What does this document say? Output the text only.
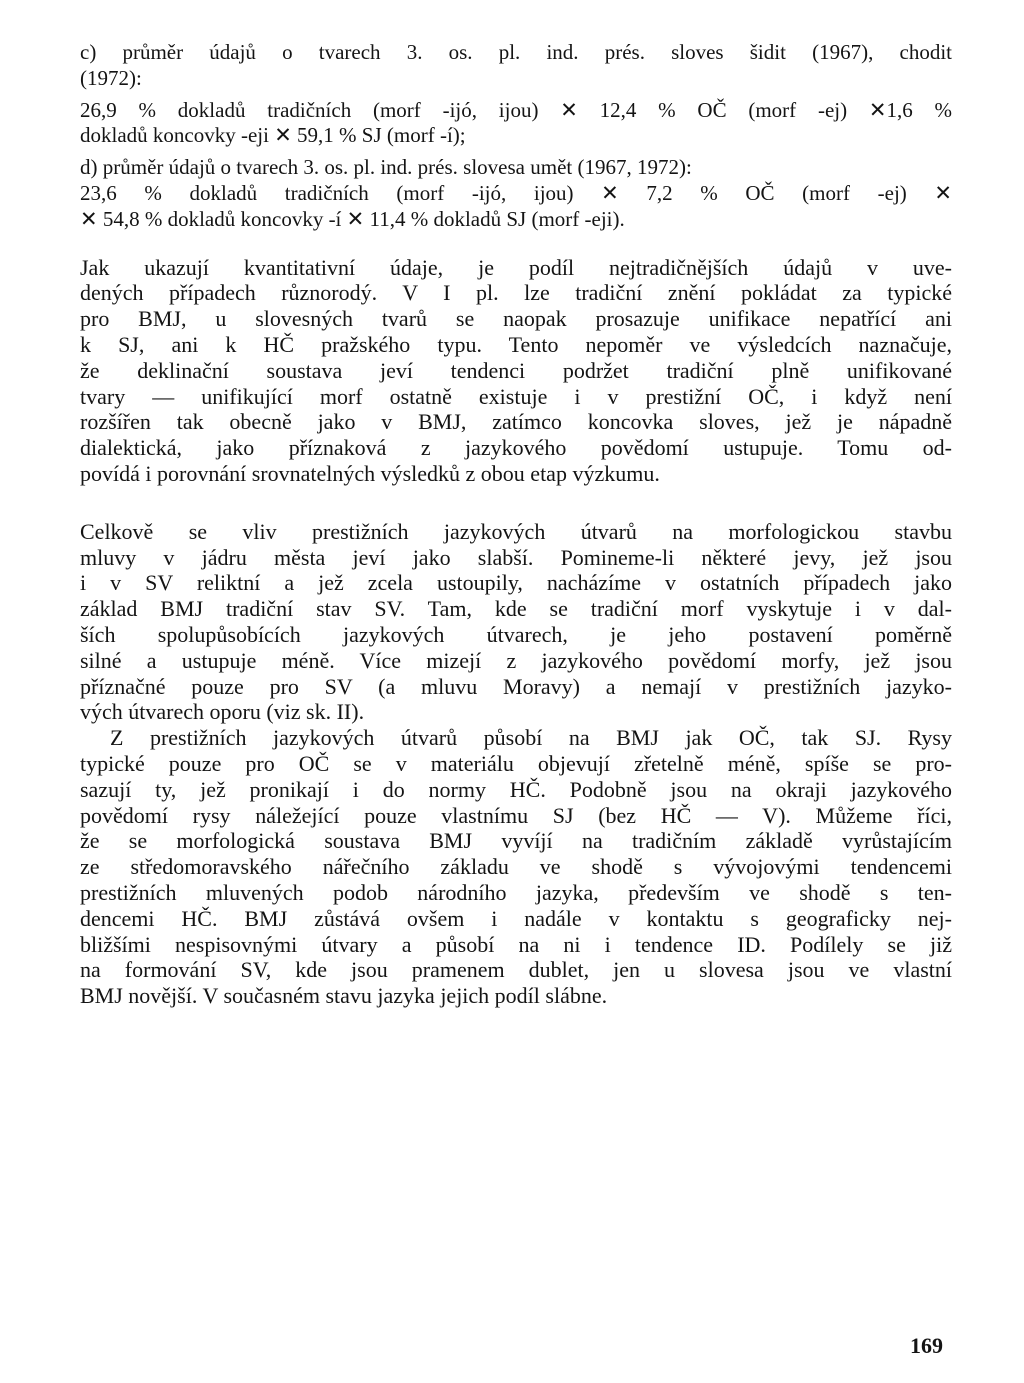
c) průměr údajů o tvarech 3. os. pl. ind. prés. sloves šidit (1967), chodit
(1972):
26,9 % dokladů tradičních (morf -ijó, ijou) ✕ 12,4 % OČ (morf -ej) ✕1,6 %
dokladů koncovky -eji ✕ 59,1 % SJ (morf -í);
d) průměr údajů o tvarech 3. os. pl. ind. prés. slovesa umět (1967, 1972):
23,6 % dokladů tradičních (morf -ijó, ijou) ✕ 7,2 % OČ (morf -ej) ✕
✕ 54,8 % dokladů koncovky -í ✕ 11,4 % dokladů SJ (morf -eji).
Jak ukazují kvantitativní údaje, je podíl nejtradičnějších údajů v uve-
dených případech různorodý. V I pl. lze tradiční znění pokládat za typické
pro BMJ, u slovesných tvarů se naopak prosazuje unifikace nepatřící ani
k SJ, ani k HČ pražského typu. Tento nepoměr ve výsledcích naznačuje,
že deklinační soustava jeví tendenci podržet tradiční plně unifikované
tvary — unifikující morf ostatně existuje i v prestižní OČ, i když není
rozšířen tak obecně jako v BMJ, zatímco koncovka sloves, jež je nápadně
dialektická, jako příznaková z jazykového povědomí ustupuje. Tomu od-
povídá i porovnání srovnatelných výsledků z obou etap výzkumu.
Celkově se vliv prestižních jazykových útvarů na morfologickou stavbu
mluvy v jádru města jeví jako slabší. Pomineme-li některé jevy, jež jsou
i v SV reliktní a jež zcela ustoupily, nacházíme v ostatních případech jako
základ BMJ tradiční stav SV. Tam, kde se tradiční morf vyskytuje i v dal-
ších spolupůsobících jazykových útvarech, je jeho postavení poměrně
silné a ustupuje méně. Více mizejí z jazykového povědomí morfy, jež jsou
příznačné pouze pro SV (a mluvu Moravy) a nemají v prestižních jazyko-
vých útvarech oporu (viz sk. II).
Z prestižních jazykových útvarů působí na BMJ jak OČ, tak SJ. Rysy
typické pouze pro OČ se v materiálu objevují zřetelně méně, spíše se pro-
sazují ty, jež pronikají i do normy HČ. Podobně jsou na okraji jazykového
povědomí rysy náležející pouze vlastnímu SJ (bez HČ — V). Můžeme říci,
že se morfologická soustava BMJ vyvíjí na tradičním základě vyrůstajícím
ze středomoravského nářečního základu ve shodě s vývojovými tendencemi
prestižních mluvených podob národního jazyka, především ve shodě s ten-
dencemi HČ. BMJ zůstává ovšem i nadále v kontaktu s geograficky nej-
bližšími nespisovnými útvary a působí na ni i tendence ID. Podílely se již
na formování SV, kde jsou pramenem dublet, jen u slovesa jsou ve vlastní
BMJ novější. V současném stavu jazyka jejich podíl slábne.
169
